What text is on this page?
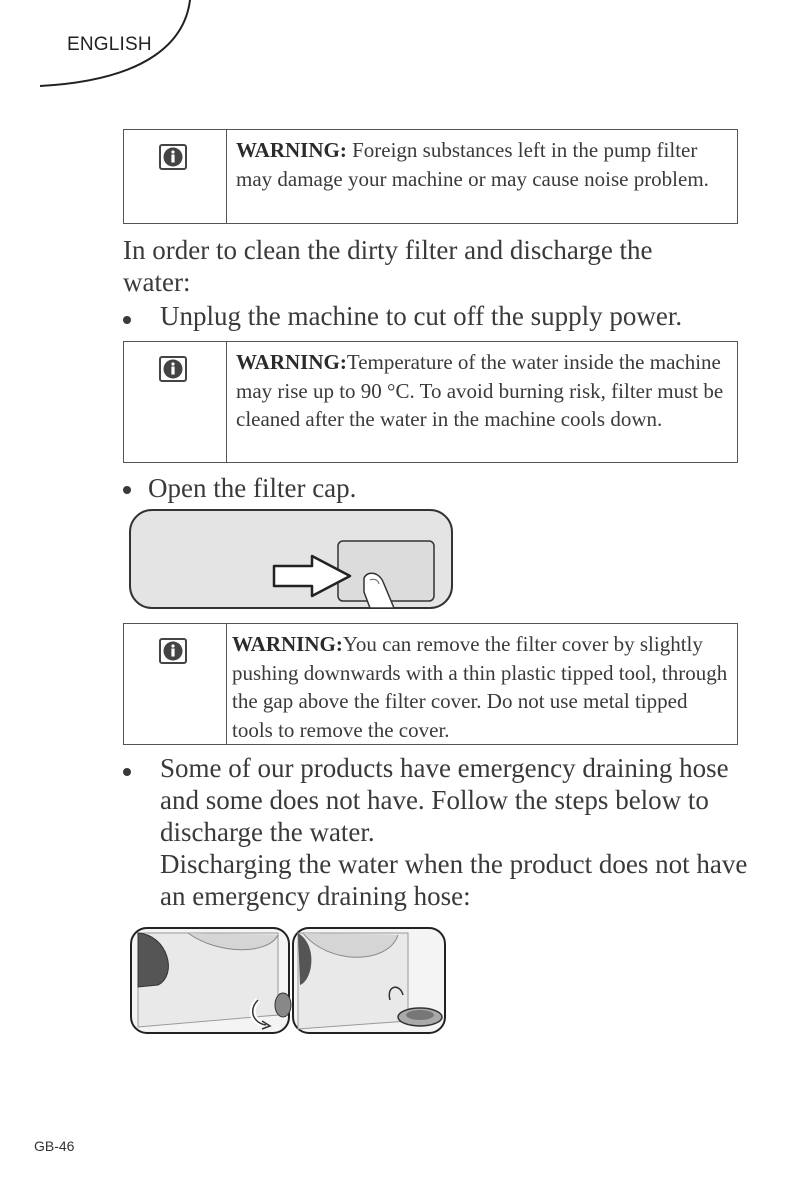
ENGLISH
WARNING: Foreign substances left in the pump filter may damage your machine or may cause noise problem.
In order to clean the dirty filter and discharge the water:
Unplug the machine to cut off the supply power.
WARNING:Temperature of the water inside the machine may rise up to 90 °C. To avoid burning risk, filter must be cleaned after the water in the machine cools down.
Open the filter cap.
WARNING:You can remove the filter cover by slightly pushing downwards with a thin plastic tipped tool, through the gap above the filter cover. Do not use metal tipped tools to remove the cover.
Some of our products have emergency draining hose and some does not have. Follow the steps below to discharge the water.
Discharging the water when the product does not have an emergency draining hose:
GB-46
